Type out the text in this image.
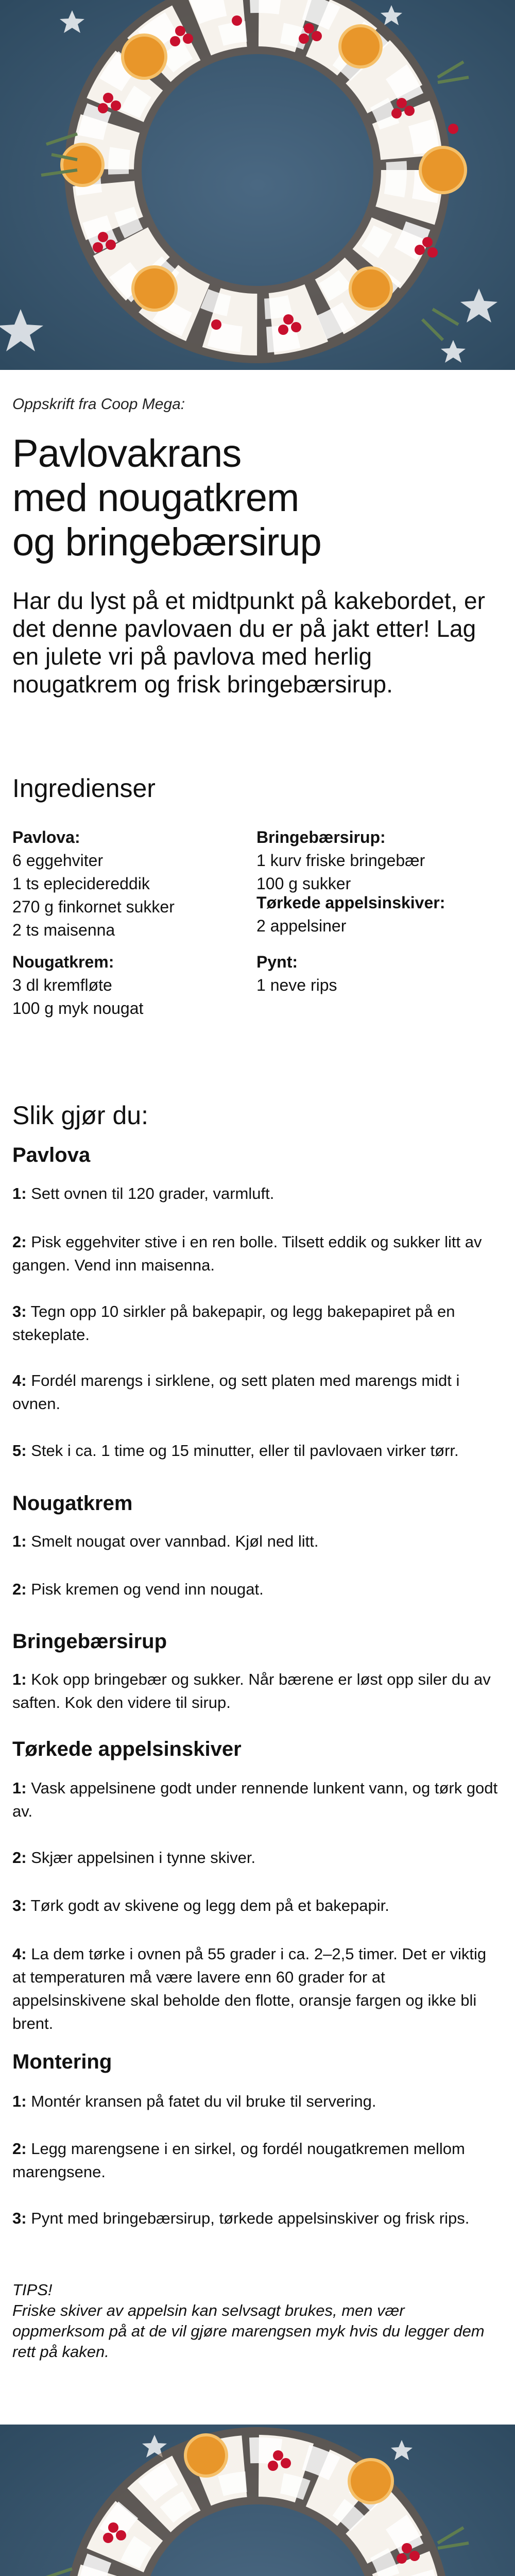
Oppskrift fra Coop Mega:
Pavlovakrans
med nougatkrem
og bringebærsirup

Har du lyst på et midtpunkt på kakebordet, er det denne pavlovaen du er på jakt etter! Lag en julete vri på pavlova med herlig nougatkrem og frisk bringebærsirup.

Ingredienser
Pavlova:
6 eggehviter
1 ts eplecidereddik
270 g finkornet sukker
2 ts maisenna
Nougatkrem:
3 dl kremfløte
100 g myk nougat
Bringebærsirup:
1 kurv friske bringebær
100 g sukker
Tørkede appelsinskiver:
2 appelsiner
Pynt:
1 neve rips
Slik gjør du:
Pavlova

1: Sett ovnen til 120 grader, varmluft.

2: Pisk eggehviter stive i en ren bolle. Tilsett eddik og sukker litt av gangen. Vend inn maisenna.

3: Tegn opp 10 sirkler på bakepapir, og legg bakepapiret på en stekeplate.

4: Fordél marengs i sirklene, og sett platen med marengs midt i ovnen.

5: Stek i ca. 1 time og 15 minutter, eller til pavlovaen virker tørr.

Nougatkrem

1: Smelt nougat over vannbad. Kjøl ned litt.

2: Pisk kremen og vend inn nougat.

Bringebærsirup

1: Kok opp bringebær og sukker. Når bærene er løst opp siler du av saften. Kok den videre til sirup.

Tørkede appelsinskiver

1: Vask appelsinene godt under rennende lunkent vann, og tørk godt av.

2: Skjær appelsinen i tynne skiver.

3: Tørk godt av skivene og legg dem på et bakepapir.

4: La dem tørke i ovnen på 55 grader i ca. 2–2,5 timer. Det er viktig at temperaturen må være lavere enn 60 grader for at appelsinskivene skal beholde den flotte, oransje fargen og ikke bli brent.

Montering

1: Montér kransen på fatet du vil bruke til servering.

2: Legg marengsene i en sirkel, og fordél nougatkremen mellom marengsene.

3: Pynt med bringebærsirup, tørkede appelsinskiver og frisk rips.

TIPS!
Friske skiver av appelsin kan selvsagt brukes, men vær oppmerksom på at de vil gjøre marengsen myk hvis du legger dem rett på kaken.
